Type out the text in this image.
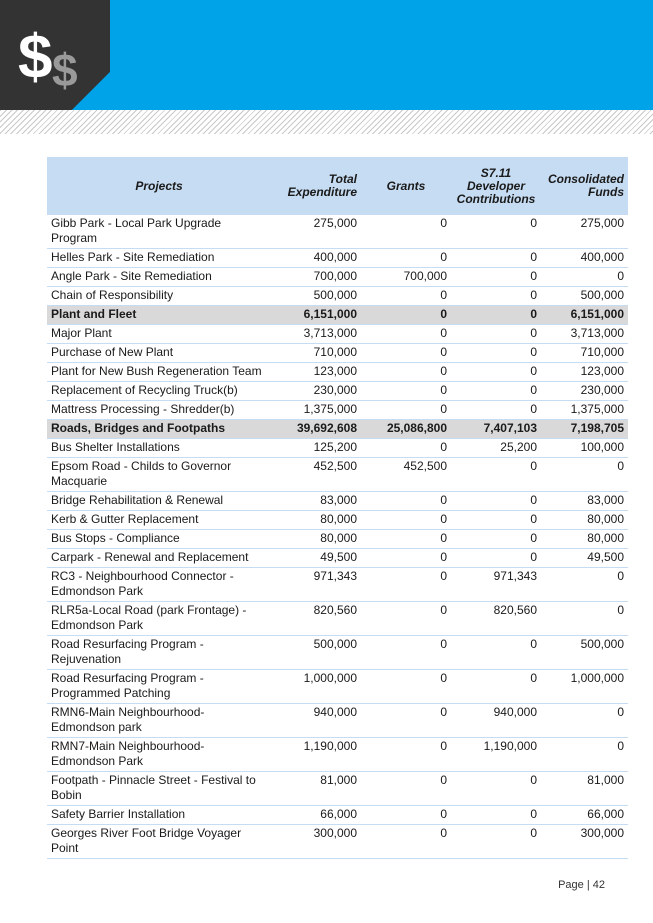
$ $
Projects	Total Expenditure	Grants	S7.11 Developer Contributions	Consolidated Funds
Gibb Park - Local Park Upgrade Program	275,000	0	0	275,000
Helles Park - Site Remediation	400,000	0	0	400,000
Angle Park - Site Remediation	700,000	700,000	0	0
Chain of Responsibility	500,000	0	0	500,000
Plant and Fleet	6,151,000	0	0	6,151,000
Major Plant	3,713,000	0	0	3,713,000
Purchase of New Plant	710,000	0	0	710,000
Plant for New Bush Regeneration Team	123,000	0	0	123,000
Replacement of Recycling Truck(b)	230,000	0	0	230,000
Mattress Processing - Shredder(b)	1,375,000	0	0	1,375,000
Roads, Bridges and Footpaths	39,692,608	25,086,800	7,407,103	7,198,705
Bus Shelter Installations	125,200	0	25,200	100,000
Epsom Road - Childs to Governor Macquarie	452,500	452,500	0	0
Bridge Rehabilitation & Renewal	83,000	0	0	83,000
Kerb & Gutter Replacement	80,000	0	0	80,000
Bus Stops - Compliance	80,000	0	0	80,000
Carpark - Renewal and Replacement	49,500	0	0	49,500
RC3 - Neighbourhood Connector - Edmondson Park	971,343	0	971,343	0
RLR5a-Local Road (park Frontage) - Edmondson Park	820,560	0	820,560	0
Road Resurfacing Program - Rejuvenation	500,000	0	0	500,000
Road Resurfacing Program - Programmed Patching	1,000,000	0	0	1,000,000
RMN6-Main Neighbourhood- Edmondson park	940,000	0	940,000	0
RMN7-Main Neighbourhood- Edmondson Park	1,190,000	0	1,190,000	0
Footpath - Pinnacle Street - Festival to Bobin	81,000	0	0	81,000
Safety Barrier Installation	66,000	0	0	66,000
Georges River Foot Bridge Voyager Point	300,000	0	0	300,000
Page | 42
